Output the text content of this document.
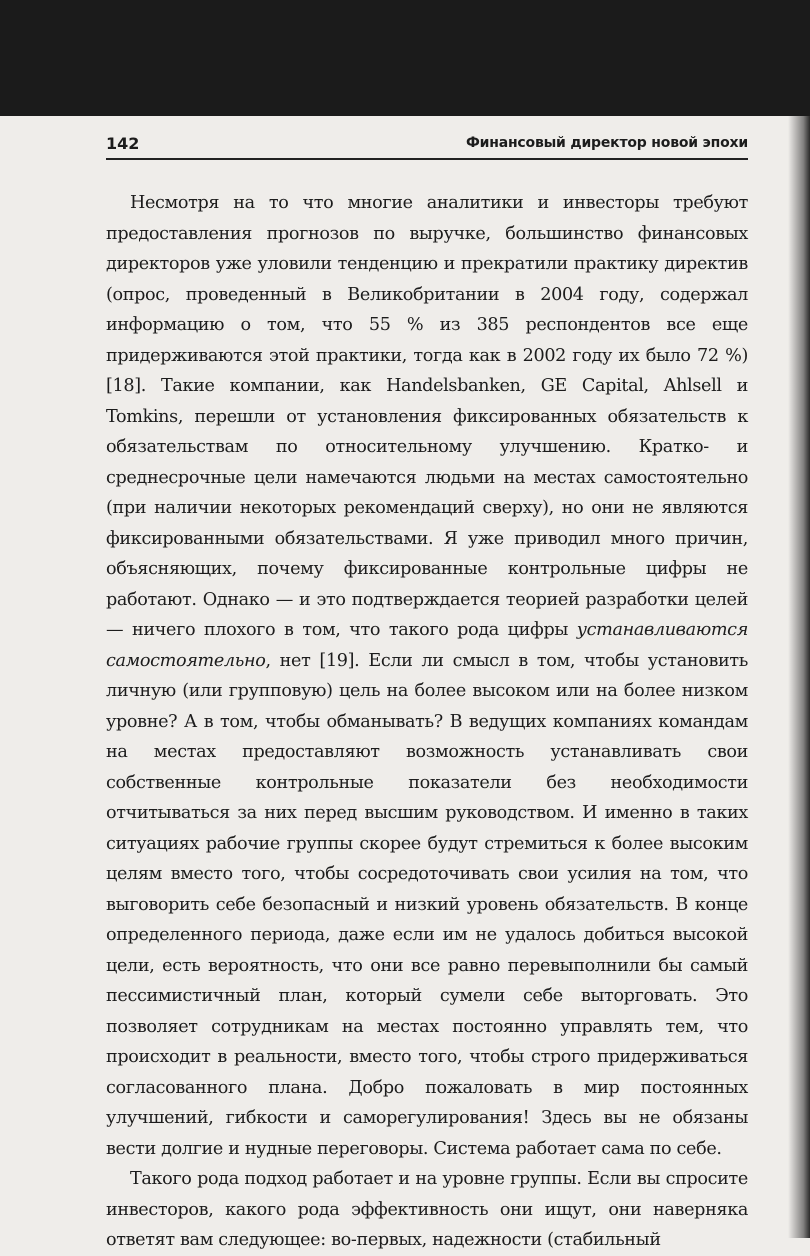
142	Финансовый директор новой эпохи

Несмотря на то что многие аналитики и инвесторы требуют предоставления прогнозов по выручке, большинство финансовых директоров уже уловили тенденцию и прекратили практику директив (опрос, проведенный в Великобритании в 2004 году, содержал информацию о том, что 55 % из 385 респондентов все еще придерживаются этой практики, тогда как в 2002 году их было 72 %) [18]. Такие компании, как Handelsbanken, GE Capital, Ahlsell и Tomkins, перешли от установления фиксированных обязательств к обязательствам по относительному улучшению. Кратко- и среднесрочные цели намечаются людьми на местах самостоятельно (при наличии некоторых рекомендаций сверху), но они не являются фиксированными обязательствами. Я уже приводил много причин, объясняющих, почему фиксированные контрольные цифры не работают. Однако — и это подтверждается теорией разработки целей — ничего плохого в том, что такого рода цифры устанавливаются самостоятельно, нет [19]. Если ли смысл в том, чтобы установить личную (или групповую) цель на более высоком или на более низком уровне? А в том, чтобы обманывать? В ведущих компаниях командам на местах предоставляют возможность устанавливать свои собственные контрольные показатели без необходимости отчитываться за них перед высшим руководством. И именно в таких ситуациях рабочие группы скорее будут стремиться к более высоким целям вместо того, чтобы сосредоточивать свои усилия на том, что выговорить себе безопасный и низкий уровень обязательств. В конце определенного периода, даже если им не удалось добиться высокой цели, есть вероятность, что они все равно перевыполнили бы самый пессимистичный план, который сумели себе выторговать. Это позволяет сотрудникам на местах постоянно управлять тем, что происходит в реальности, вместо того, чтобы строго придерживаться согласованного плана. Добро пожаловать в мир постоянных улучшений, гибкости и саморегулирования! Здесь вы не обязаны вести долгие и нудные переговоры. Система работает сама по себе.

Такого рода подход работает и на уровне группы. Если вы спросите инвесторов, какого рода эффективность они ищут, они наверняка ответят вам следующее: во-первых, надежности (стабильный
